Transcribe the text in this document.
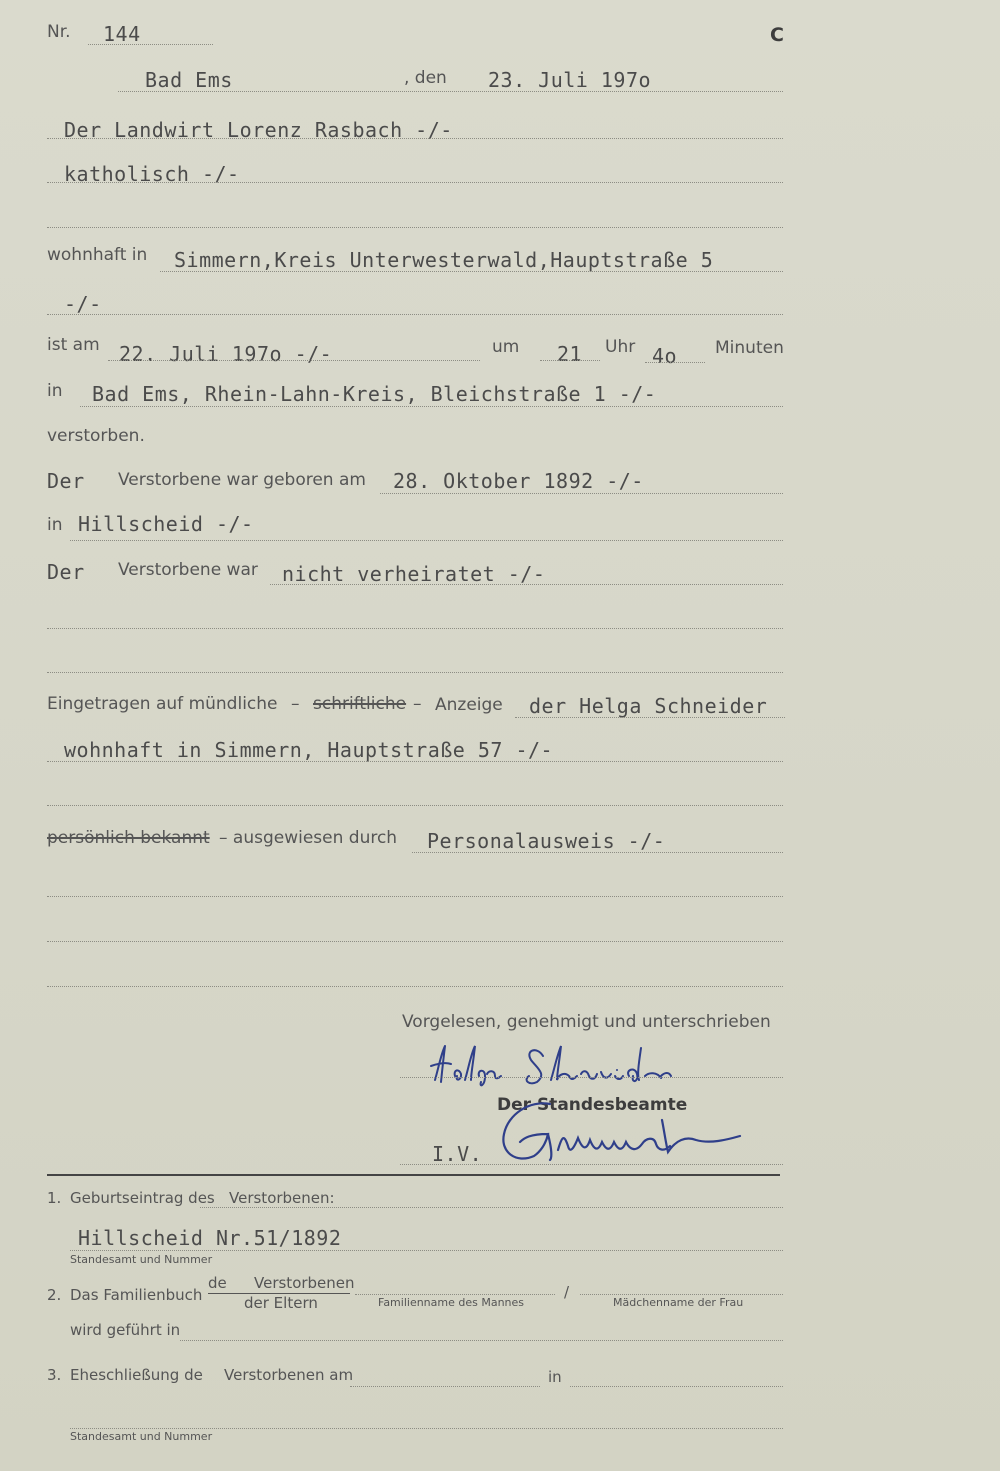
Nr. 144	C
Bad Ems	, den 23. Juli 197o
Der Landwirt Lorenz Rasbach -/-
katholisch -/-
wohnhaft in Simmern,Kreis Unterwesterwald,Hauptstraße 5
-/-
ist am 22. Juli 197o -/-	um 21 Uhr 4o Minuten
in Bad Ems, Rhein-Lahn-Kreis, Bleichstraße 1 -/-
verstorben.
Der Verstorbene war geboren am 28. Oktober 1892 -/-
in Hillscheid -/-
Der Verstorbene war nicht verheiratet -/-
Eingetragen auf mündliche – schriftliche – Anzeige der Helga Schneider
wohnhaft in Simmern, Hauptstraße 57 -/-
persönlich bekannt – ausgewiesen durch Personalausweis -/-
Vorgelesen, genehmigt und unterschrieben
Der Standesbeamte
I.V.
1. Geburtseintrag des Verstorbenen:
Hillscheid Nr.51/1892
Standesamt und Nummer
2. Das Familienbuch
de Verstorbenen
der Eltern	Familienname des Mannes
/
Mädchenname der Frau
wird geführt in
3. Eheschließung de Verstorbenen am	in
Standesamt und Nummer
